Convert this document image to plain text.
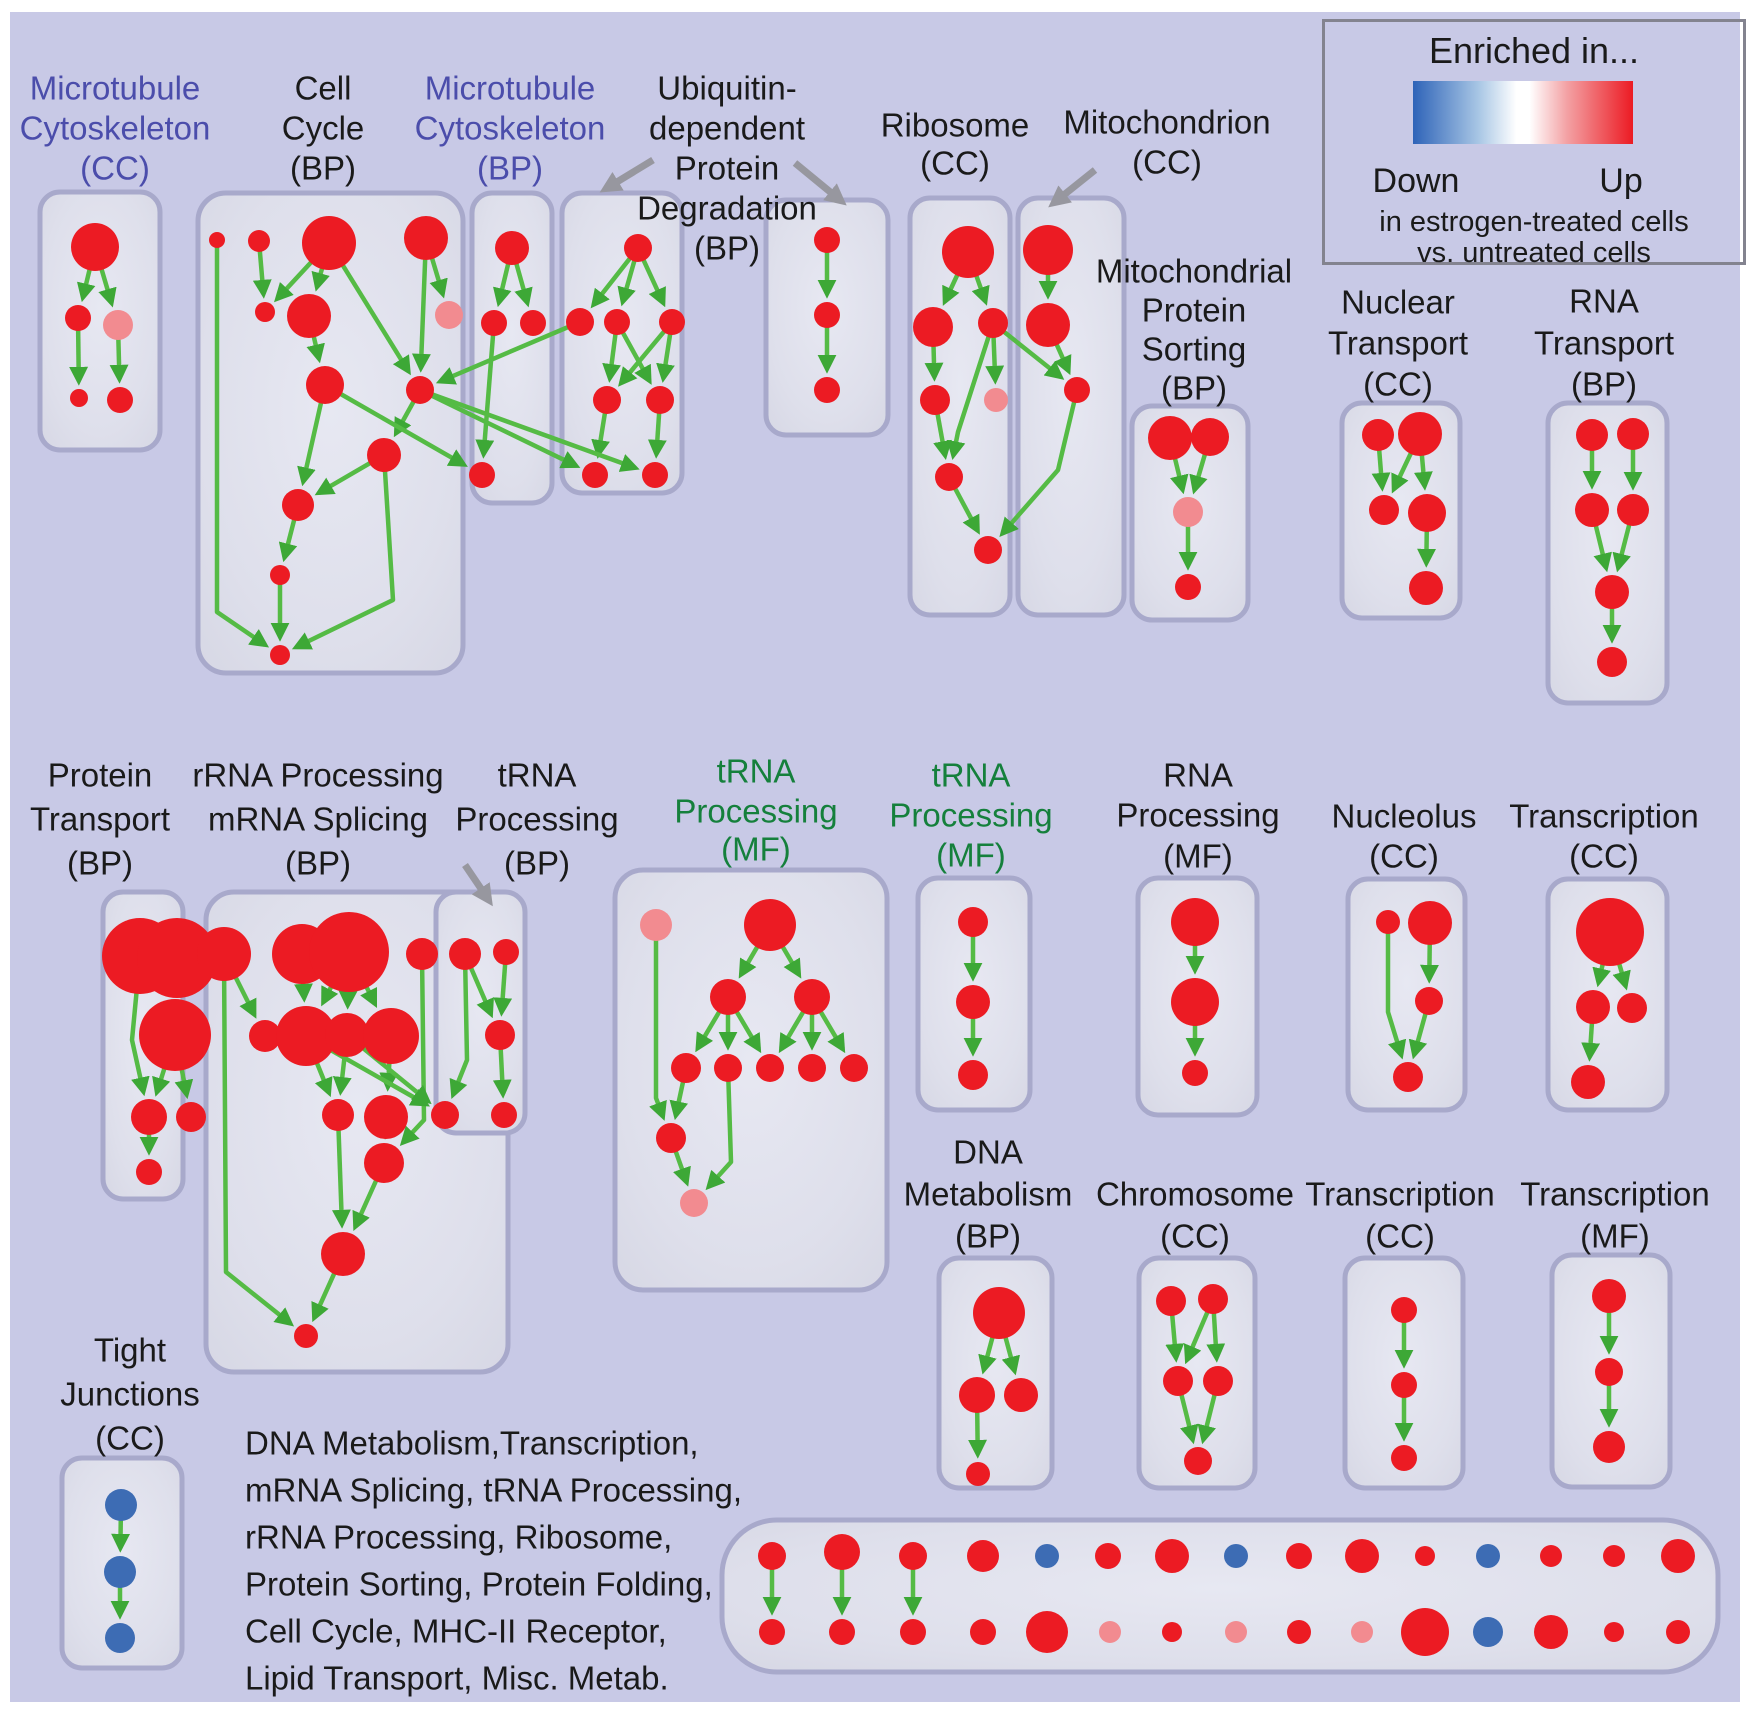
Microtubule
Cytoskeleton
(CC)
Cell
Cycle
(BP)
Microtubule
Cytoskeleton
(BP)
Ubiquitin-
dependent
Protein
Degradation
(BP)
Ribosome
(CC)
Mitochondrion
(CC)
Mitochondrial
Protein
Sorting
(BP)
Nuclear
Transport
(CC)
RNA
Transport
(BP)
Protein
Transport
(BP)
rRNA Processing
mRNA Splicing
(BP)
tRNA
Processing
(BP)
tRNA
Processing
(MF)
tRNA
Processing
(MF)
RNA
Processing
(MF)
Nucleolus
(CC)
Transcription
(CC)
DNA
Metabolism
(BP)
Chromosome
(CC)
Transcription
(CC)
Transcription
(MF)
Tight
Junctions
(CC) DNA Metabolism,Transcription,
mRNA Splicing, tRNA Processing,
rRNA Processing, Ribosome,
Protein Sorting, Protein Folding,
Cell Cycle, MHC-II Receptor,
Lipid Transport, Misc. Metab.
Enriched in...
Down	Up
in estrogen-treated cells
vs. untreated cells
